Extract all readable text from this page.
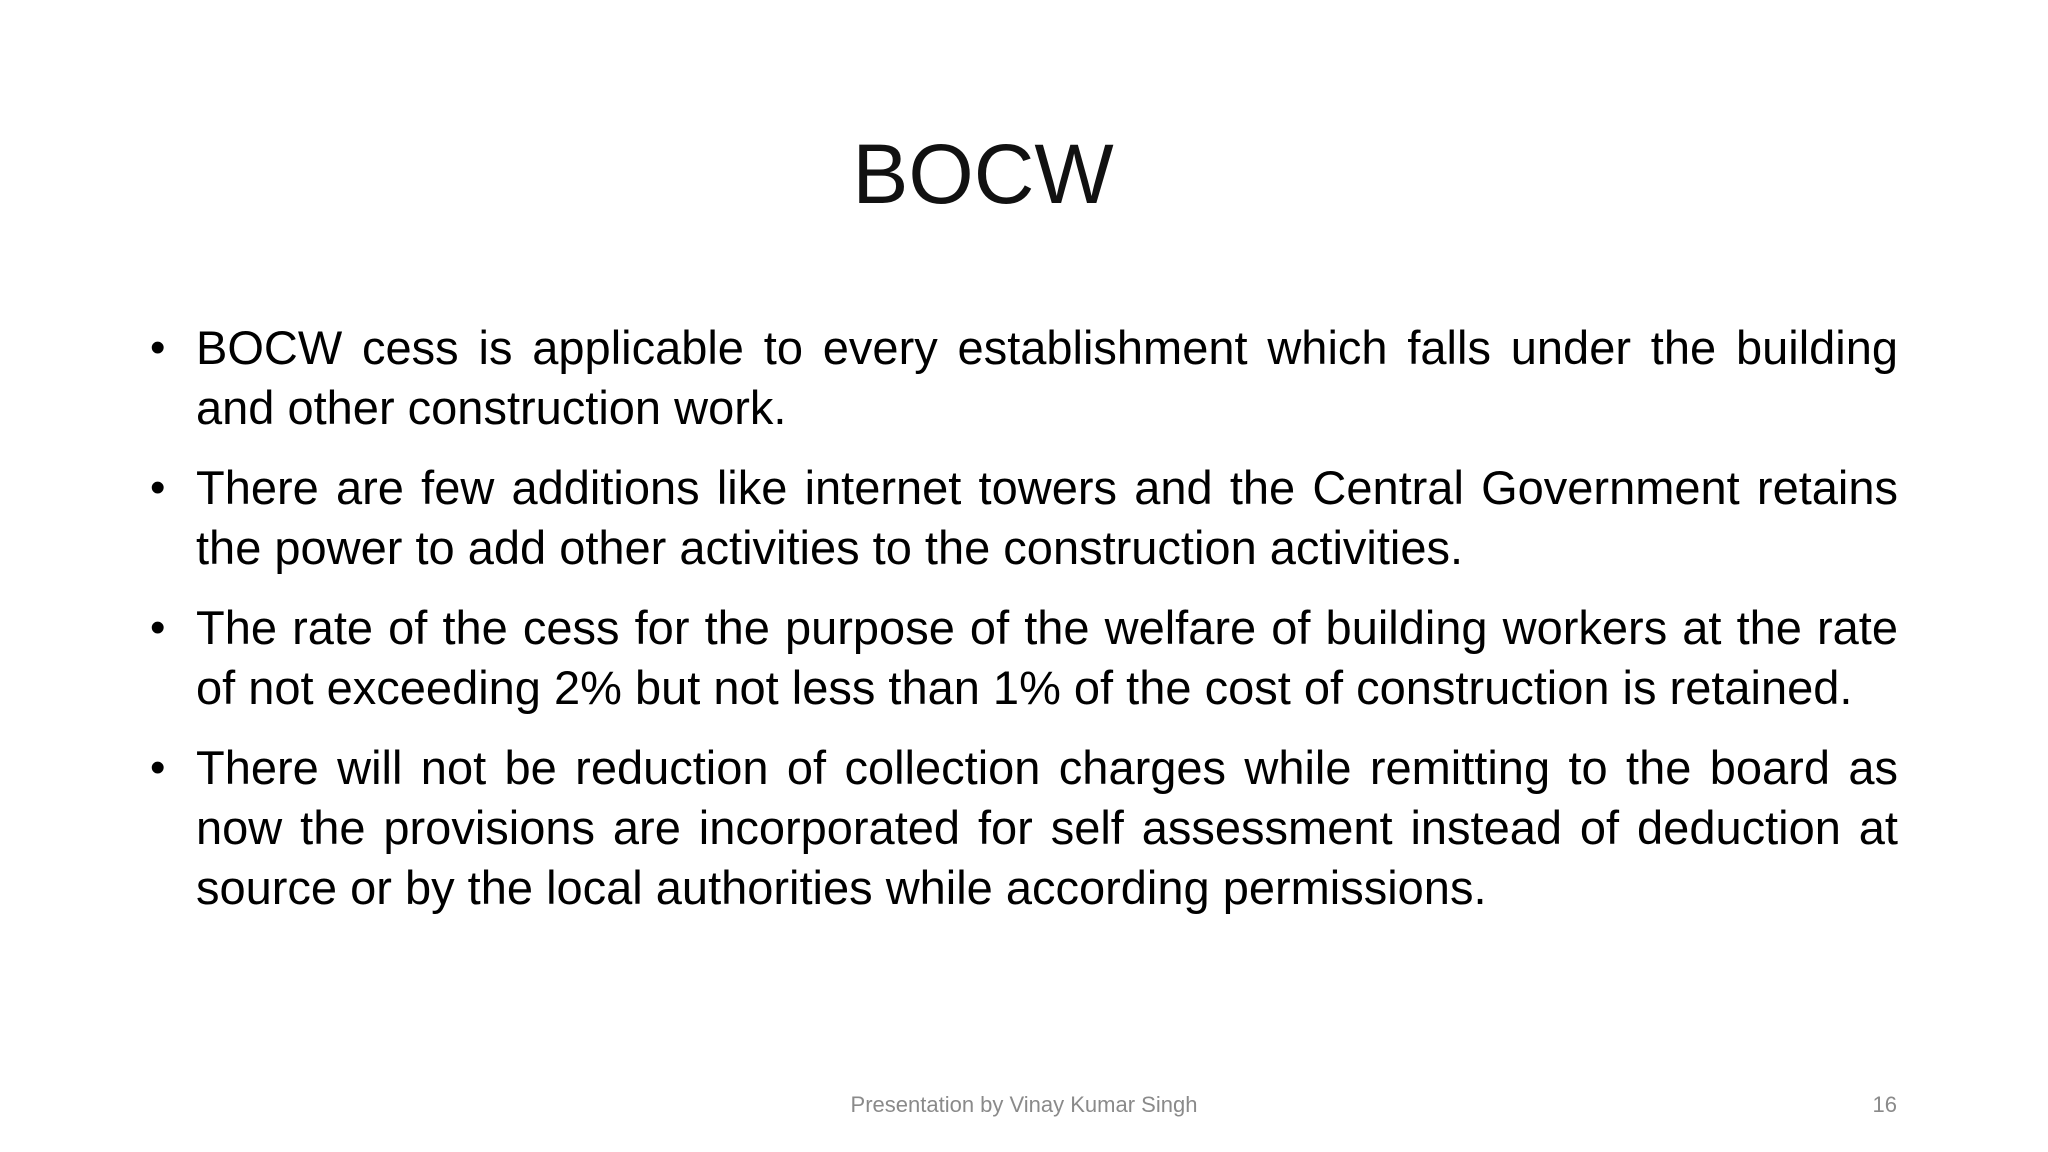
BOCW
• BOCW cess is applicable to every establishment which falls under the building and other construction work.
• There are few additions like internet towers and the Central Government retains the power to add other activities to the construction activities.
• The rate of the cess for the purpose of the welfare of building workers at the rate of not exceeding 2% but not less than 1% of the cost of construction is retained.
• There will not be reduction of collection charges while remitting to the board as now the provisions are incorporated for self assessment instead of deduction at source or by the local authorities while according permissions.
Presentation by Vinay Kumar Singh	16
